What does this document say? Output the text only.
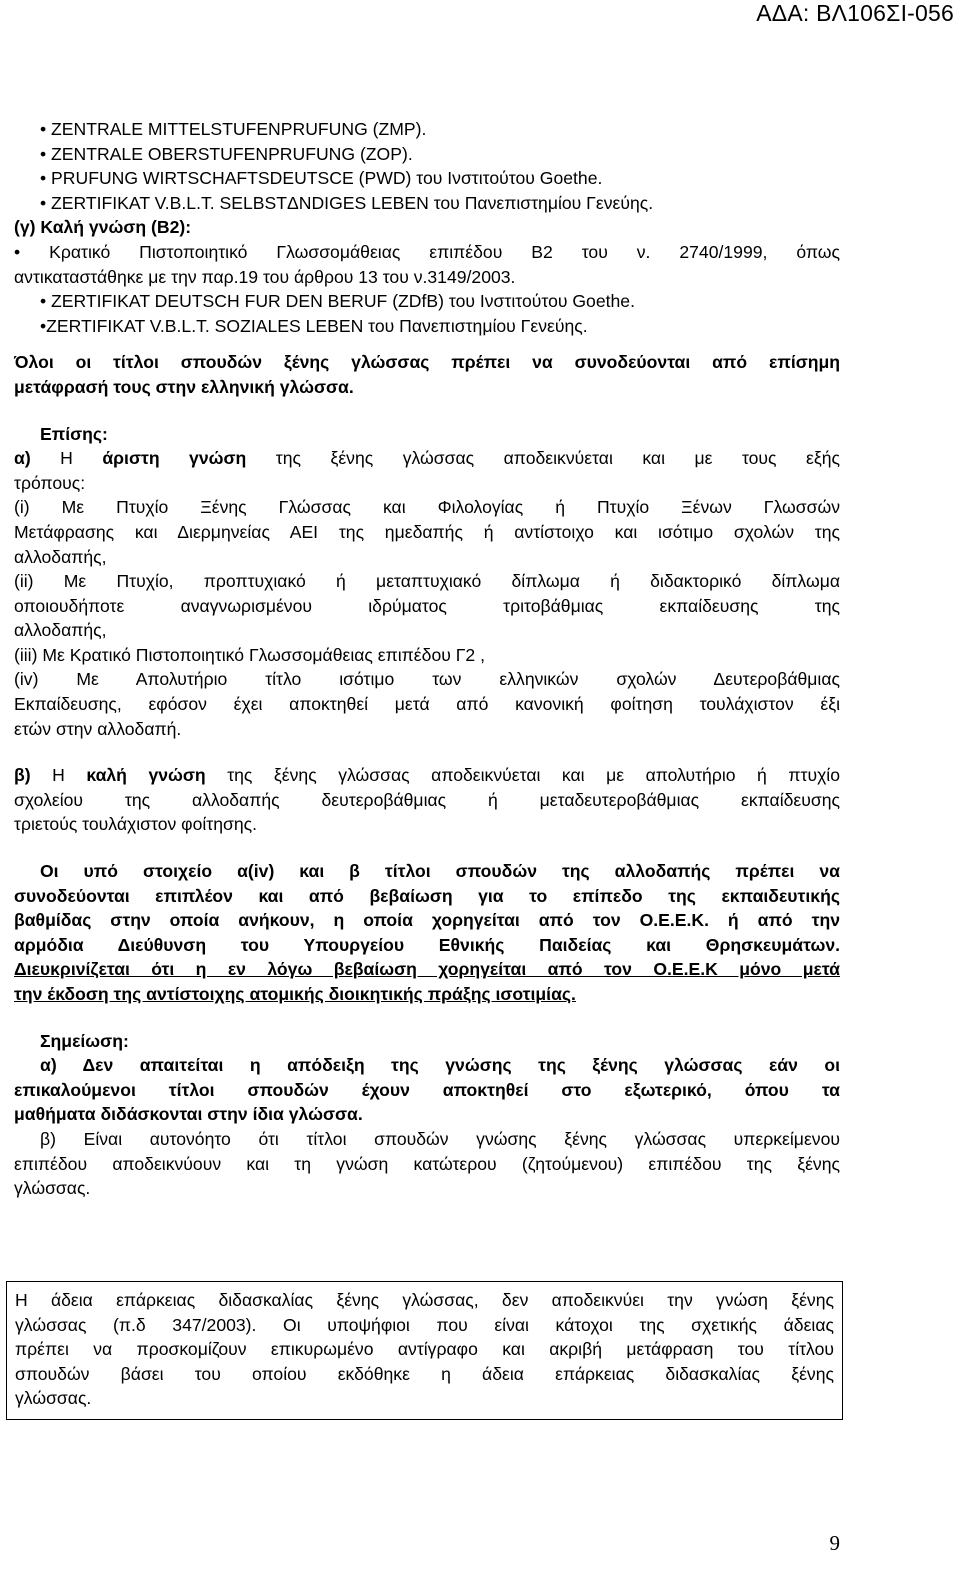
ΑΔΑ: ΒΛ106ΣΙ-056
• ZENTRALE MITTELSTUFENPRUFUNG (ZMP).
• ZENTRALE OBERSTUFENPRUFUNG (ZOP).
• PRUFUNG WIRTSCHAFTSDEUTSCE (PWD) του Ινστιτούτου Goethe.
• ZERTIFIKAT V.B.L.T. SELBSTΔNDIGES LEBEN του Πανεπιστημίου Γενεύης.
(γ) Καλή γνώση (B2):
• Κρατικό Πιστοποιητικό Γλωσσομάθειας επιπέδου Β2 του ν. 2740/1999, όπως
αντικαταστάθηκε με την παρ.19 του άρθρου 13 του ν.3149/2003.
• ZERTIFIKAT DEUTSCH FUR DEN BERUF (ZDfB) του Ινστιτούτου Goethe.
•ZERTIFIKAT V.B.L.T. SOZIALES LEBEN του Πανεπιστημίου Γενεύης.
Όλοι οι τίτλοι σπουδών ξένης γλώσσας πρέπει να συνοδεύονται από επίσημη
μετάφρασή τους στην ελληνική γλώσσα.
Επίσης:
α) Η άριστη γνώση της ξένης γλώσσας αποδεικνύεται και με τους εξής
τρόπους:
(i) Με Πτυχίο Ξένης Γλώσσας και Φιλολογίας ή Πτυχίο Ξένων Γλωσσών
Μετάφρασης και Διερμηνείας ΑΕΙ της ημεδαπής ή αντίστοιχο και ισότιμο σχολών της
αλλοδαπής,
(ii) Με Πτυχίο, προπτυχιακό ή μεταπτυχιακό δίπλωμα ή διδακτορικό δίπλωμα
οποιουδήποτε αναγνωρισμένου ιδρύματος τριτοβάθμιας εκπαίδευσης της
αλλοδαπής,
(iii) Με Κρατικό Πιστοποιητικό Γλωσσομάθειας επιπέδου Γ2 ,
(iv) Με Απολυτήριο τίτλο ισότιμο των ελληνικών σχολών Δευτεροβάθμιας
Εκπαίδευσης, εφόσον έχει αποκτηθεί μετά από κανονική φοίτηση τουλάχιστον έξι
ετών στην αλλοδαπή.
β) Η καλή γνώση της ξένης γλώσσας αποδεικνύεται και με απολυτήριο ή πτυχίο
σχολείου της αλλοδαπής δευτεροβάθμιας ή μεταδευτεροβάθμιας εκπαίδευσης
τριετούς τουλάχιστον φοίτησης.
Οι υπό στοιχείο α(iv) και β τίτλοι σπουδών της αλλοδαπής πρέπει να
συνοδεύονται επιπλέον και από βεβαίωση για το επίπεδο της εκπαιδευτικής
βαθμίδας στην οποία ανήκουν, η οποία χορηγείται από τον Ο.Ε.Ε.Κ. ή από την
αρμόδια Διεύθυνση του Υπουργείου Εθνικής Παιδείας και Θρησκευμάτων.
Διευκρινίζεται ότι η εν λόγω βεβαίωση χορηγείται από τον Ο.Ε.Ε.Κ μόνο μετά
την έκδοση της αντίστοιχης ατομικής διοικητικής πράξης ισοτιμίας.
Σημείωση:
α) Δεν απαιτείται η απόδειξη της γνώσης της ξένης γλώσσας εάν οι
επικαλούμενοι τίτλοι σπουδών έχουν αποκτηθεί στο εξωτερικό, όπου τα
μαθήματα διδάσκονται στην ίδια γλώσσα.
β) Είναι αυτονόητο ότι τίτλοι σπουδών γνώσης ξένης γλώσσας υπερκείμενου
επιπέδου αποδεικνύουν και τη γνώση κατώτερου (ζητούμενου) επιπέδου της ξένης
γλώσσας.
Η άδεια επάρκειας διδασκαλίας ξένης γλώσσας, δεν αποδεικνύει την γνώση ξένης
γλώσσας (π.δ 347/2003). Οι υποψήφιοι που είναι κάτοχοι της σχετικής άδειας
πρέπει να προσκομίζουν επικυρωμένο αντίγραφο και ακριβή μετάφραση του τίτλου
σπουδών βάσει του οποίου εκδόθηκε η άδεια επάρκειας διδασκαλίας ξένης
γλώσσας.
9
